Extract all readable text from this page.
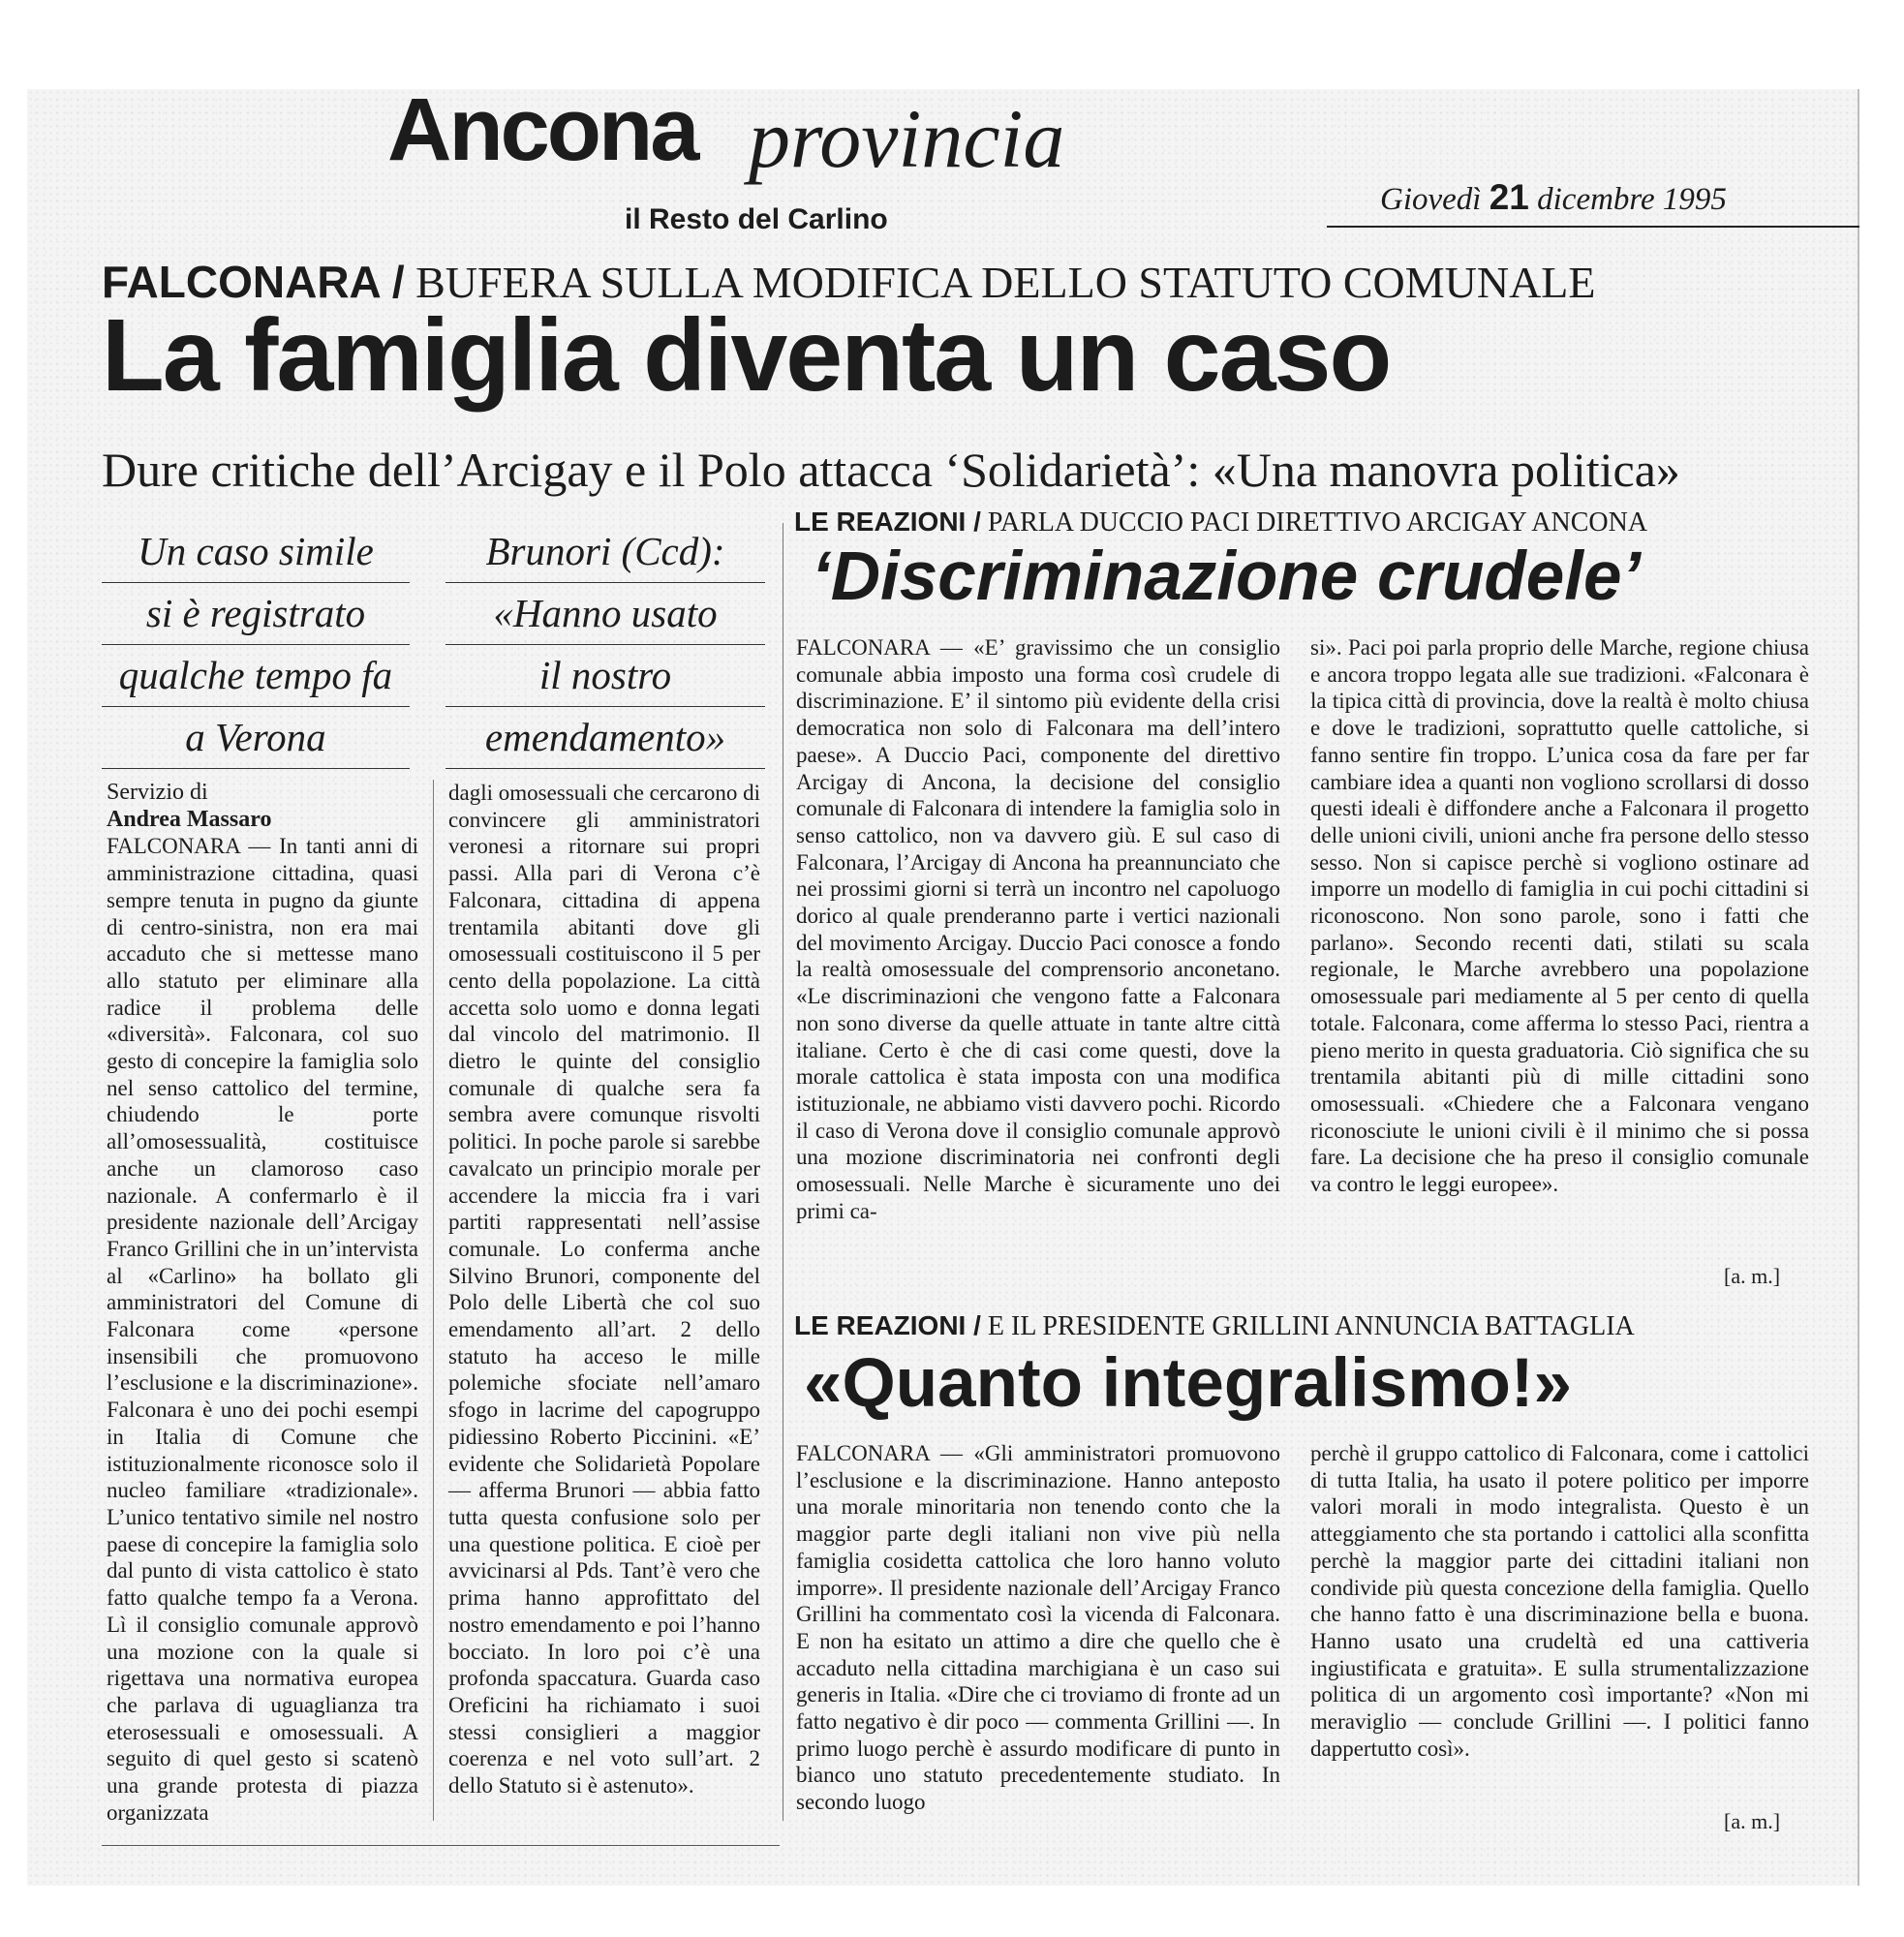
Ancona provincia
il Resto del Carlino
Giovedì 21 dicembre 1995
FALCONARA / BUFERA SULLA MODIFICA DELLO STATUTO COMUNALE
La famiglia diventa un caso
Dure critiche dell’Arcigay e il Polo attacca ‘Solidarietà’: «Una manovra politica»
Un caso simile
si è registrato
qualche tempo fa
a Verona
Brunori (Ccd):
«Hanno usato
il nostro
emendamento»

Servizio di

Andrea Massaro

FALCONARA — In tanti anni di amministrazione cittadina, quasi sempre tenuta in pugno da giunte di centro-sinistra, non era mai accaduto che si mettesse mano allo statuto per eliminare alla radice il problema delle «diversità». Falconara, col suo gesto di concepire la famiglia solo nel senso cattolico del termine, chiudendo le porte all’omosessualità, costituisce anche un clamoroso caso nazionale. A confermarlo è il presidente nazionale dell’Arcigay Franco Grillini che in un’intervista al «Carlino» ha bollato gli amministratori del Comune di Falconara come «persone insensibili che promuovono l’esclusione e la discriminazione». Falconara è uno dei pochi esempi in Italia di Comune che istituzionalmente riconosce solo il nucleo familiare «tradizionale». L’unico tentativo simile nel nostro paese di concepire la famiglia solo dal punto di vista cattolico è stato fatto qualche tempo fa a Verona. Lì il consiglio comunale approvò una mozione con la quale si rigettava una normativa europea che parlava di uguaglianza tra eterosessuali e omosessuali. A seguito di quel gesto si scatenò una grande protesta di piazza organizzata

dagli omosessuali che cercarono di convincere gli amministratori veronesi a ritornare sui propri passi. Alla pari di Verona c’è Falconara, cittadina di appena trentamila abitanti dove gli omosessuali costituiscono il 5 per cento della popolazione. La città accetta solo uomo e donna legati dal vincolo del matrimonio. Il dietro le quinte del consiglio comunale di qualche sera fa sembra avere comunque risvolti politici. In poche parole si sarebbe cavalcato un principio morale per accendere la miccia fra i vari partiti rappresentati nell’assise comunale. Lo conferma anche Silvino Brunori, componente del Polo delle Libertà che col suo emendamento all’art. 2 dello statuto ha acceso le mille polemiche sfociate nell’amaro sfogo in lacrime del capogruppo pidiessino Roberto Piccinini. «E’ evidente che Solidarietà Popolare — afferma Brunori — abbia fatto tutta questa confusione solo per una questione politica. E cioè per avvicinarsi al Pds. Tant’è vero che prima hanno approfittato del nostro emendamento e poi l’hanno bocciato. In loro poi c’è una profonda spaccatura. Guarda caso Oreficini ha richiamato i suoi stessi consiglieri a maggior coerenza e nel voto sull’art. 2 dello Statuto si è astenuto».

LE REAZIONI / PARLA DUCCIO PACI DIRETTIVO ARCIGAY ANCONA
‘Discriminazione crudele’

FALCONARA — «E’ gravissimo che un consiglio comunale abbia imposto una forma così crudele di discriminazione. E’ il sintomo più evidente della crisi democratica non solo di Falconara ma dell’intero paese». A Duccio Paci, componente del direttivo Arcigay di Ancona, la decisione del consiglio comunale di Falconara di intendere la famiglia solo in senso cattolico, non va davvero giù. E sul caso di Falconara, l’Arcigay di Ancona ha preannunciato che nei prossimi giorni si terrà un incontro nel capoluogo dorico al quale prenderanno parte i vertici nazionali del movimento Arcigay. Duccio Paci conosce a fondo la realtà omosessuale del comprensorio anconetano. «Le discriminazioni che vengono fatte a Falconara non sono diverse da quelle attuate in tante altre città italiane. Certo è che di casi come questi, dove la morale cattolica è stata imposta con una modifica istituzionale, ne abbiamo visti davvero pochi. Ricordo il caso di Verona dove il consiglio comunale approvò una mozione discriminatoria nei confronti degli omosessuali. Nelle Marche è sicuramente uno dei primi ca-

si». Paci poi parla proprio delle Marche, regione chiusa e ancora troppo legata alle sue tradizioni. «Falconara è la tipica città di provincia, dove la realtà è molto chiusa e dove le tradizioni, soprattutto quelle cattoliche, si fanno sentire fin troppo. L’unica cosa da fare per far cambiare idea a quanti non vogliono scrollarsi di dosso questi ideali è diffondere anche a Falconara il progetto delle unioni civili, unioni anche fra persone dello stesso sesso. Non si capisce perchè si vogliono ostinare ad imporre un modello di famiglia in cui pochi cittadini si riconoscono. Non sono parole, sono i fatti che parlano». Secondo recenti dati, stilati su scala regionale, le Marche avrebbero una popolazione omosessuale pari mediamente al 5 per cento di quella totale. Falconara, come afferma lo stesso Paci, rientra a pieno merito in questa graduatoria. Ciò significa che su trentamila abitanti più di mille cittadini sono omosessuali. «Chiedere che a Falconara vengano riconosciute le unioni civili è il minimo che si possa fare. La decisione che ha preso il consiglio comunale va contro le leggi europee».

[a. m.]
LE REAZIONI / E IL PRESIDENTE GRILLINI ANNUNCIA BATTAGLIA
«Quanto integralismo!»

FALCONARA — «Gli amministratori promuovono l’esclusione e la discriminazione. Hanno anteposto una morale minoritaria non tenendo conto che la maggior parte degli italiani non vive più nella famiglia cosidetta cattolica che loro hanno voluto imporre». Il presidente nazionale dell’Arcigay Franco Grillini ha commentato così la vicenda di Falconara. E non ha esitato un attimo a dire che quello che è accaduto nella cittadina marchigiana è un caso sui generis in Italia. «Dire che ci troviamo di fronte ad un fatto negativo è dir poco — commenta Grillini —. In primo luogo perchè è assurdo modificare di punto in bianco uno statuto precedentemente studiato. In secondo luogo

perchè il gruppo cattolico di Falconara, come i cattolici di tutta Italia, ha usato il potere politico per imporre valori morali in modo integralista. Questo è un atteggiamento che sta portando i cattolici alla sconfitta perchè la maggior parte dei cittadini italiani non condivide più questa concezione della famiglia. Quello che hanno fatto è una discriminazione bella e buona. Hanno usato una crudeltà ed una cattiveria ingiustificata e gratuita». E sulla strumentalizzazione politica di un argomento così importante? «Non mi meraviglio — conclude Grillini —. I politici fanno dappertutto così».

[a. m.]
